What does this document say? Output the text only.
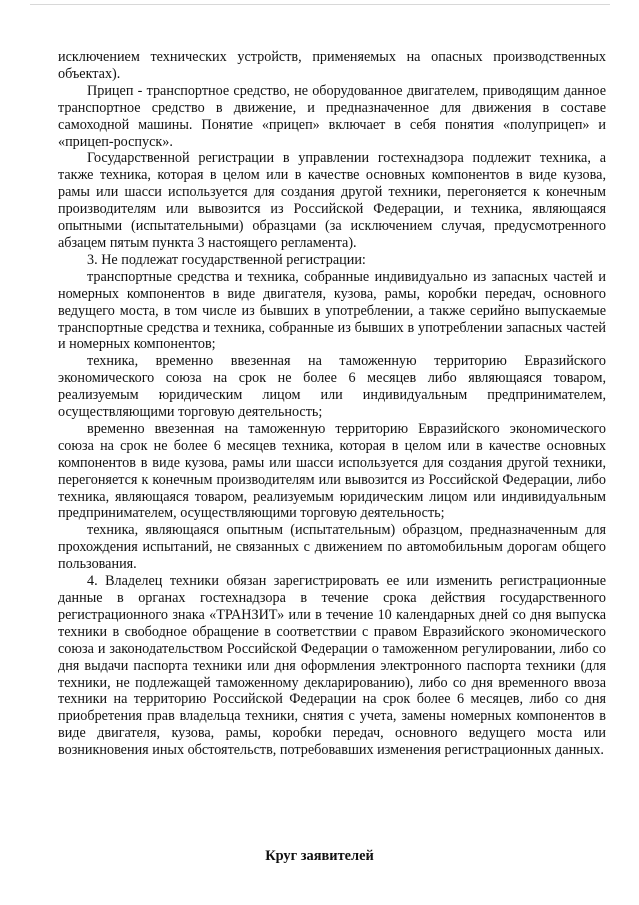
исключением технических устройств, применяемых на опасных производственных объектах).

Прицеп - транспортное средство, не оборудованное двигателем, приводящим данное транспортное средство в движение, и предназначенное для движения в составе самоходной машины. Понятие «прицеп» включает в себя понятия «полуприцеп» и «прицеп-роспуск».

Государственной регистрации в управлении гостехнадзора подлежит техника, а также техника, которая в целом или в качестве основных компонентов в виде кузова, рамы или шасси используется для создания другой техники, перегоняется к конечным производителям или вывозится из Российской Федерации, и техника, являющаяся опытными (испытательными) образцами (за исключением случая, предусмотренного абзацем пятым пункта 3 настоящего регламента).

3. Не подлежат государственной регистрации:

транспортные средства и техника, собранные индивидуально из запасных частей и номерных компонентов в виде двигателя, кузова, рамы, коробки передач, основного ведущего моста, в том числе из бывших в употреблении, а также серийно выпускаемые транспортные средства и техника, собранные из бывших в употреблении запасных частей и номерных компонентов;

техника, временно ввезенная на таможенную территорию Евразийского экономического союза на срок не более 6 месяцев либо являющаяся товаром, реализуемым юридическим лицом или индивидуальным предпринимателем, осуществляющими торговую деятельность;

временно ввезенная на таможенную территорию Евразийского экономического союза на срок не более 6 месяцев техника, которая в целом или в качестве основных компонентов в виде кузова, рамы или шасси используется для создания другой техники, перегоняется к конечным производителям или вывозится из Российской Федерации, либо техника, являющаяся товаром, реализуемым юридическим лицом или индивидуальным предпринимателем, осуществляющими торговую деятельность;

техника, являющаяся опытным (испытательным) образцом, предназначенным для прохождения испытаний, не связанных с движением по автомобильным дорогам общего пользования.

4. Владелец техники обязан зарегистрировать ее или изменить регистрационные данные в органах гостехнадзора в течение срока действия государственного регистрационного знака «ТРАНЗИТ» или в течение 10 календарных дней со дня выпуска техники в свободное обращение в соответствии с правом Евразийского экономического союза и законодательством Российской Федерации о таможенном регулировании, либо со дня выдачи паспорта техники или дня оформления электронного паспорта техники (для техники, не подлежащей таможенному декларированию), либо со дня временного ввоза техники на территорию Российской Федерации на срок более 6 месяцев, либо со дня приобретения прав владельца техники, снятия с учета, замены номерных компонентов в виде двигателя, кузова, рамы, коробки передач, основного ведущего моста или возникновения иных обстоятельств, потребовавших изменения регистрационных данных.

Круг заявителей
